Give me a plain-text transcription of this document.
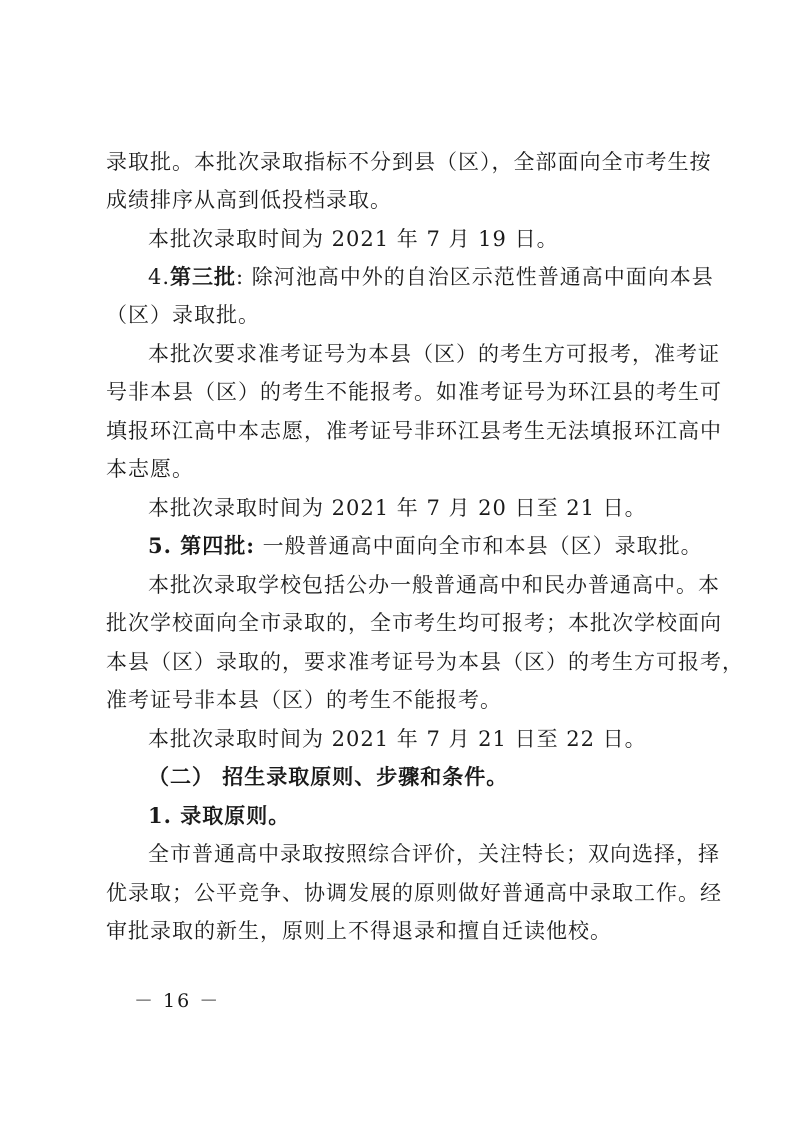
录取批。本批次录取指标不分到县（区），全部面向全市考生按
成绩排序从高到低投档录取。
本批次录取时间为 2021 年 7 月 19 日。
4.第三批: 除河池高中外的自治区示范性普通高中面向本县
（区）录取批。
本批次要求准考证号为本县（区）的考生方可报考，准考证
号非本县（区）的考生不能报考。如准考证号为环江县的考生可
填报环江高中本志愿，准考证号非环江县考生无法填报环江高中
本志愿。
本批次录取时间为 2021 年 7 月 20 日至 21 日。
5. 第四批: 一般普通高中面向全市和本县（区）录取批。
本批次录取学校包括公办一般普通高中和民办普通高中。本
批次学校面向全市录取的，全市考生均可报考；本批次学校面向
本县（区）录取的，要求准考证号为本县（区）的考生方可报考，
准考证号非本县（区）的考生不能报考。
本批次录取时间为 2021 年 7 月 21 日至 22 日。
（二） 招生录取原则、步骤和条件。
1. 录取原则。
全市普通高中录取按照综合评价，关注特长；双向选择，择
优录取；公平竞争、协调发展的原则做好普通高中录取工作。经
审批录取的新生，原则上不得退录和擅自迁读他校。
－ 16 －
